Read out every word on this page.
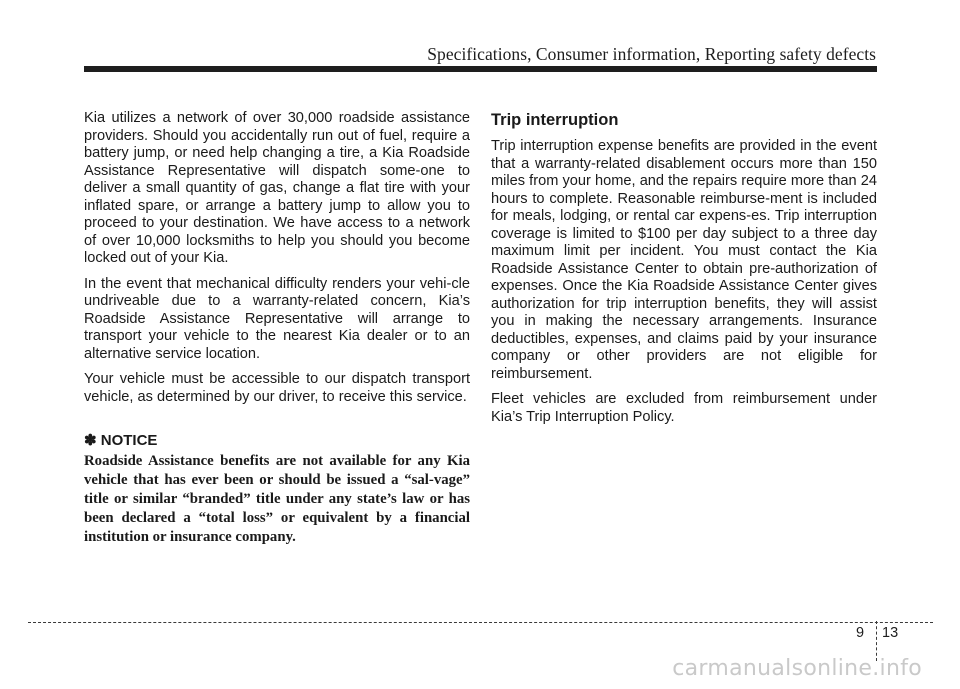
Specifications, Consumer information, Reporting safety defects

Kia utilizes a network of over 30,000 roadside assistance providers. Should you accidentally run out of fuel, require a battery jump, or need help changing a tire, a Kia Roadside Assistance Representative will dispatch some-one to deliver a small quantity of gas, change a flat tire with your inflated spare, or arrange a battery jump to allow you to proceed to your destination. We have access to a network of over 10,000 locksmiths to help you should you become locked out of your Kia.

In the event that mechanical difficulty renders your vehi-cle undriveable due to a warranty-related concern, Kia’s Roadside Assistance Representative will arrange to transport your vehicle to the nearest Kia dealer or to an alternative service location.

Your vehicle must be accessible to our dispatch transport vehicle, as determined by our driver, to receive this service.

✽ NOTICE

Roadside Assistance benefits are not available for any Kia vehicle that has ever been or should be issued a “sal-vage” title or similar “branded” title under any state’s law or has been declared a “total loss” or equivalent by a financial institution or insurance company.

Trip interruption

Trip interruption expense benefits are provided in the event that a warranty-related disablement occurs more than 150 miles from your home, and the repairs require more than 24 hours to complete. Reasonable reimburse-ment is included for meals, lodging, or rental car expens-es. Trip interruption coverage is limited to $100 per day subject to a three day maximum limit per incident. You must contact the Kia Roadside Assistance Center to obtain pre-authorization of expenses. Once the Kia Roadside Assistance Center gives authorization for trip interruption benefits, they will assist you in making the necessary arrangements. Insurance deductibles, expenses, and claims paid by your insurance company or other providers are not eligible for reimbursement.

Fleet vehicles are excluded from reimbursement under Kia’s Trip Interruption Policy.

9 13
carmanualsonline.info
